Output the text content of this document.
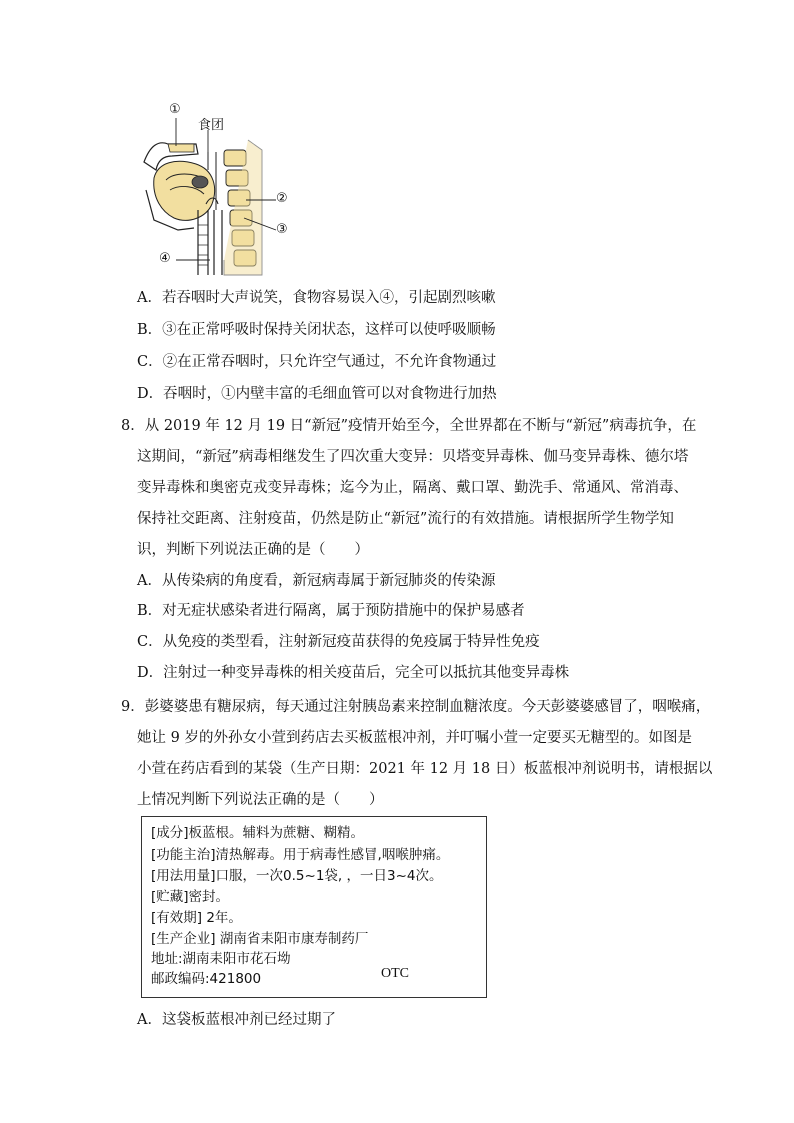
①
食团
②
③
④
A．若吞咽时大声说笑，食物容易误入④，引起剧烈咳嗽
B．③在正常呼吸时保持关闭状态，这样可以使呼吸顺畅
C．②在正常吞咽时，只允许空气通过，不允许食物通过
D．吞咽时，①内壁丰富的毛细血管可以对食物进行加热
8．从 2019 年 12 月 19 日“新冠”疫情开始至今，全世界都在不断与“新冠”病毒抗争，在
这期间，“新冠”病毒相继发生了四次重大变异：贝塔变异毒株、伽马变异毒株、德尔塔
变异毒株和奥密克戎变异毒株；迄今为止，隔离、戴口罩、勤洗手、常通风、常消毒、
保持社交距离、注射疫苗，仍然是防止“新冠”流行的有效措施。请根据所学生物学知
识，判断下列说法正确的是（　　）
A．从传染病的角度看，新冠病毒属于新冠肺炎的传染源
B．对无症状感染者进行隔离，属于预防措施中的保护易感者
C．从免疫的类型看，注射新冠疫苗获得的免疫属于特异性免疫
D．注射过一种变异毒株的相关疫苗后，完全可以抵抗其他变异毒株
9．彭婆婆患有糖尿病，每天通过注射胰岛素来控制血糖浓度。今天彭婆婆感冒了，咽喉痛，
她让 9 岁的外孙女小萱到药店去买板蓝根冲剂，并叮嘱小萱一定要买无糖型的。如图是
小萱在药店看到的某袋（生产日期：2021 年 12 月 18 日）板蓝根冲剂说明书，请根据以
上情况判断下列说法正确的是（　　）
[成分]板蓝根。辅料为蔗糖、糊精。
[功能主治]清热解毒。用于病毒性感冒,咽喉肿痛。
[用法用量]口服，一次0.5~1袋, ，一日3~4次。
[贮藏]密封。
[有效期] 2年。
[生产企业] 湖南省耒阳市康寿制药厂
地址:湖南耒阳市花石坳
邮政编码:421800	OTC
A．这袋板蓝根冲剂已经过期了
